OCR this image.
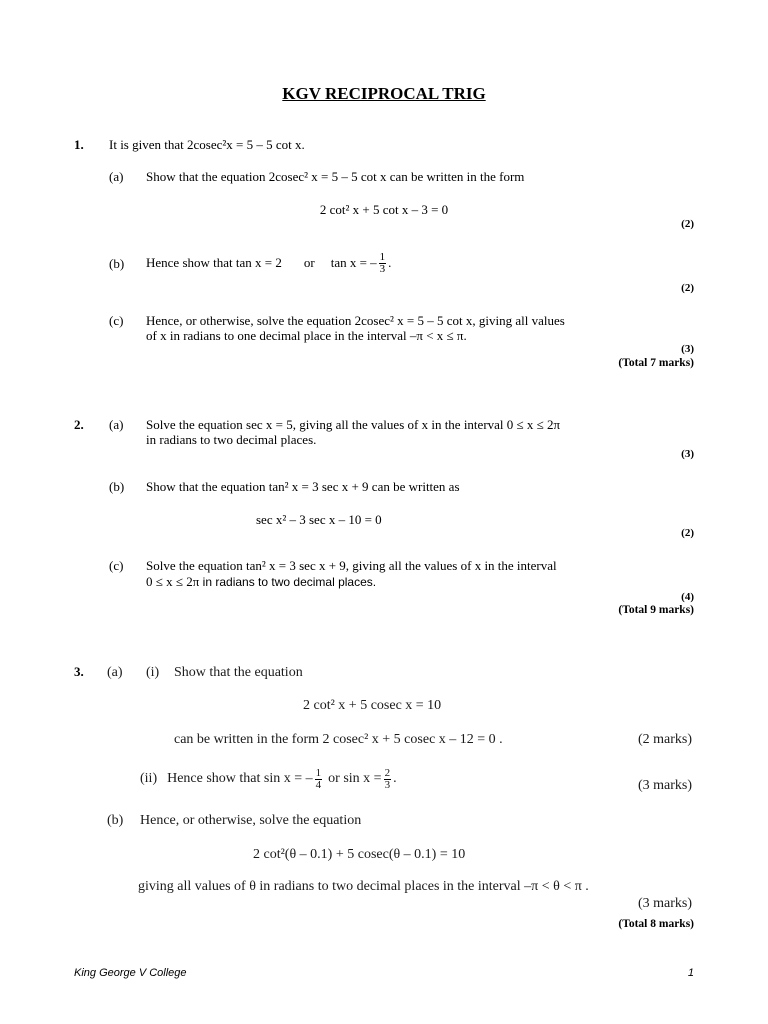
KGV RECIPROCAL TRIG
1. It is given that 2cosec²x = 5 – 5 cot x.
(a) Show that the equation 2cosec² x = 5 – 5 cot x can be written in the form
2 cot² x + 5 cot x – 3 = 0
(2)
(b) Hence show that tan x = 2 or tan x = – $\frac{1}{3}$ .
(2)
(c) Hence, or otherwise, solve the equation 2cosec² x = 5 – 5 cot x, giving all values
of x in radians to one decimal place in the interval –π < x ≤ π.
(3)
(Total 7 marks)
2. (a) Solve the equation sec x = 5, giving all the values of x in the interval 0 ≤ x ≤ 2π
in radians to two decimal places.
(3)
(b) Show that the equation tan² x = 3 sec x + 9 can be written as
sec x² – 3 sec x – 10 = 0
(2)
(c) Solve the equation tan² x = 3 sec x + 9, giving all the values of x in the interval
0 ≤ x ≤ 2π in radians to two decimal places.
(4)
(Total 9 marks)
3. (a) (i) Show that the equation
2 cot² x + 5 cosec x = 10
can be written in the form 2 cosec² x + 5 cosec x – 12 = 0 .	(2 marks)
(ii) Hence show that sin x = – $\frac{1}{4}$ or $\sin x = \frac{2}{3}$ .	(3 marks)
(b) Hence, or otherwise, solve the equation
2 cot²(θ – 0.1) + 5 cosec(θ – 0.1) = 10
giving all values of θ in radians to two decimal places in the interval –π < θ < π .
(3 marks)
(Total 8 marks)
King George V College	1
